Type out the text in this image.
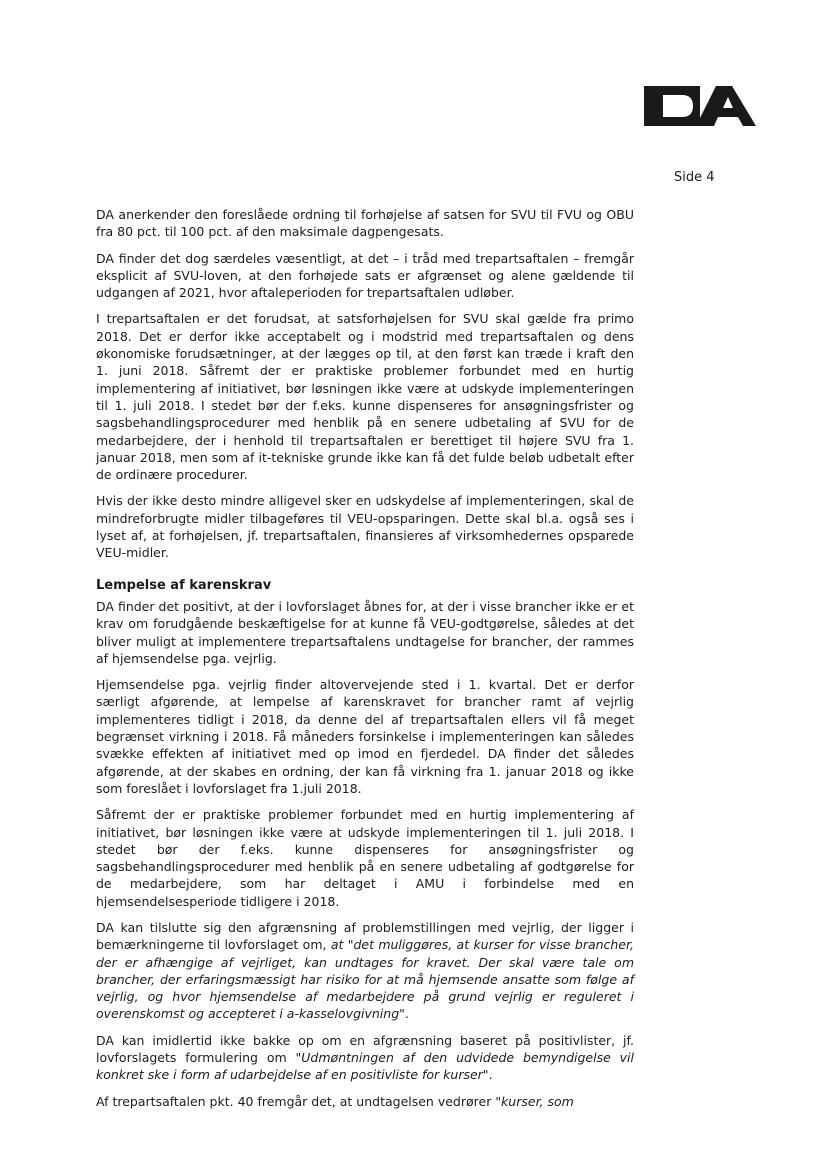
Side 4

DA anerkender den foreslåede ordning til forhøjelse af satsen for SVU til FVU og OBU fra 80 pct. til 100 pct. af den maksimale dagpengesats.

DA finder det dog særdeles væsentligt, at det – i tråd med trepartsaftalen – fremgår eksplicit af SVU-loven, at den forhøjede sats er afgrænset og alene gældende til udgangen af 2021, hvor aftaleperioden for trepartsaftalen udløber.

I trepartsaftalen er det forudsat, at satsforhøjelsen for SVU skal gælde fra primo 2018. Det er derfor ikke acceptabelt og i modstrid med trepartsaftalen og dens økonomiske forudsætninger, at der lægges op til, at den først kan træde i kraft den 1. juni 2018. Såfremt der er praktiske problemer forbundet med en hurtig implementering af initiativet, bør løsningen ikke være at udskyde implementeringen til 1. juli 2018. I stedet bør der f.eks. kunne dispenseres for ansøgningsfrister og sagsbehandlingsprocedurer med henblik på en senere udbetaling af SVU for de medarbejdere, der i henhold til trepartsaftalen er berettiget til højere SVU fra 1. januar 2018, men som af it-tekniske grunde ikke kan få det fulde beløb udbetalt efter de ordinære procedurer.

Hvis der ikke desto mindre alligevel sker en udskydelse af implementeringen, skal de mindreforbrugte midler tilbageføres til VEU-opsparingen. Dette skal bl.a. også ses i lyset af, at forhøjelsen, jf. trepartsaftalen, finansieres af virksomhedernes opsparede VEU-midler.

Lempelse af karenskrav

DA finder det positivt, at der i lovforslaget åbnes for, at der i visse brancher ikke er et krav om forudgående beskæftigelse for at kunne få VEU-godtgørelse, således at det bliver muligt at implementere trepartsaftalens undtagelse for brancher, der rammes af hjemsendelse pga. vejrlig.

Hjemsendelse pga. vejrlig finder altovervejende sted i 1. kvartal. Det er derfor særligt afgørende, at lempelse af karenskravet for brancher ramt af vejrlig implementeres tidligt i 2018, da denne del af trepartsaftalen ellers vil få meget begrænset virkning i 2018. Få måneders forsinkelse i implementeringen kan således svække effekten af initiativet med op imod en fjerdedel. DA finder det således afgørende, at der skabes en ordning, der kan få virkning fra 1. januar 2018 og ikke som foreslået i lovforslaget fra 1.juli 2018.

Såfremt der er praktiske problemer forbundet med en hurtig implementering af initiativet, bør løsningen ikke være at udskyde implementeringen til 1. juli 2018. I stedet bør der f.eks. kunne dispenseres for ansøgningsfrister og sagsbehandlingsprocedurer med henblik på en senere udbetaling af godtgørelse for de medarbejdere, som har deltaget i AMU i forbindelse med en hjemsendelsesperiode tidligere i 2018.

DA kan tilslutte sig den afgrænsning af problemstillingen med vejrlig, der ligger i bemærkningerne til lovforslaget om, at "det muliggøres, at kurser for visse brancher, der er afhængige af vejrliget, kan undtages for kravet. Der skal være tale om brancher, der erfaringsmæssigt har risiko for at må hjemsende ansatte som følge af vejrlig, og hvor hjemsendelse af medarbejdere på grund vejrlig er reguleret i overenskomst og accepteret i a-kasselovgivning".

DA kan imidlertid ikke bakke op om en afgrænsning baseret på positivlister, jf. lovforslagets formulering om "Udmøntningen af den udvidede bemyndigelse vil konkret ske i form af udarbejdelse af en positivliste for kurser".

Af trepartsaftalen pkt. 40 fremgår det, at undtagelsen vedrører "kurser, som
